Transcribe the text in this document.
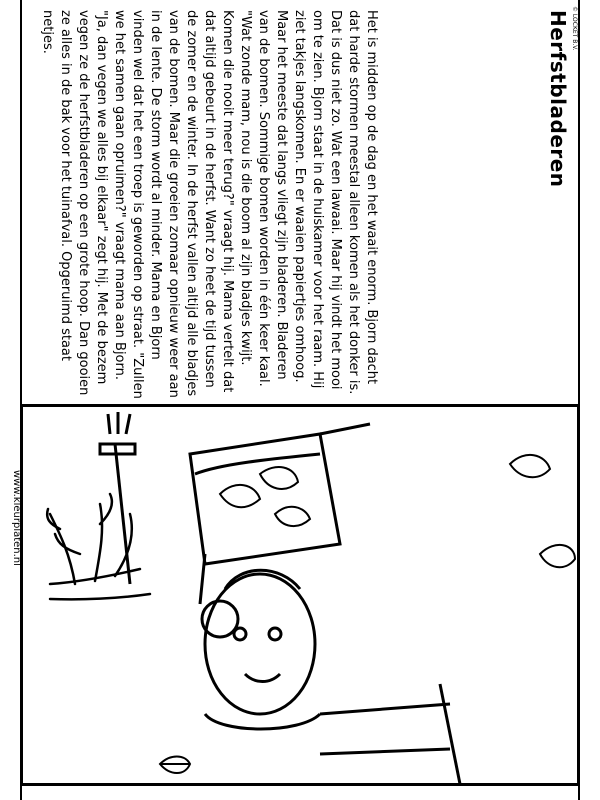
Herfstbladeren
Het is midden op de dag en het waait enorm. Bjorn dacht dat harde stormen meestal alleen komen als het donker is. Dat is dus niet zo. Wat een lawaai. Maar hij vindt het mooi om te zien. Bjorn staat in de huiskamer voor het raam. Hij ziet takjes langskomen. En er waaien papiertjes omhoog. Maar het meeste dat langs vliegt zijn bladeren. Bladeren van de bomen. Sommige bomen worden in één keer kaal. "Wat zonde mam, nou is die boom al zijn bladjes kwijt. Komen die nooit meer terug?" vraagt hij. Mama vertelt dat dat altijd gebeurt in de herfst. Want zo heet de tijd tussen de zomer en de winter. In de herfst vallen altijd alle bladjes van de bomen. Maar die groeien zomaar opnieuw weer aan in de lente. De storm wordt al minder. Mama en Bjorn vinden wel dat het een troep is geworden op straat. "Zullen we het samen gaan opruimen?" vraagt mama aan Bjorn. "Ja, dan vegen we alles bij elkaar" zegt hij. Met de bezem vegen ze de herfstbladeren op een grote hoop. Dan gooien ze alles in de bak voor het tuinafval. Opgeruimd staat netjes.	© LOCKET B.V.
www.kleurplaten.nl
